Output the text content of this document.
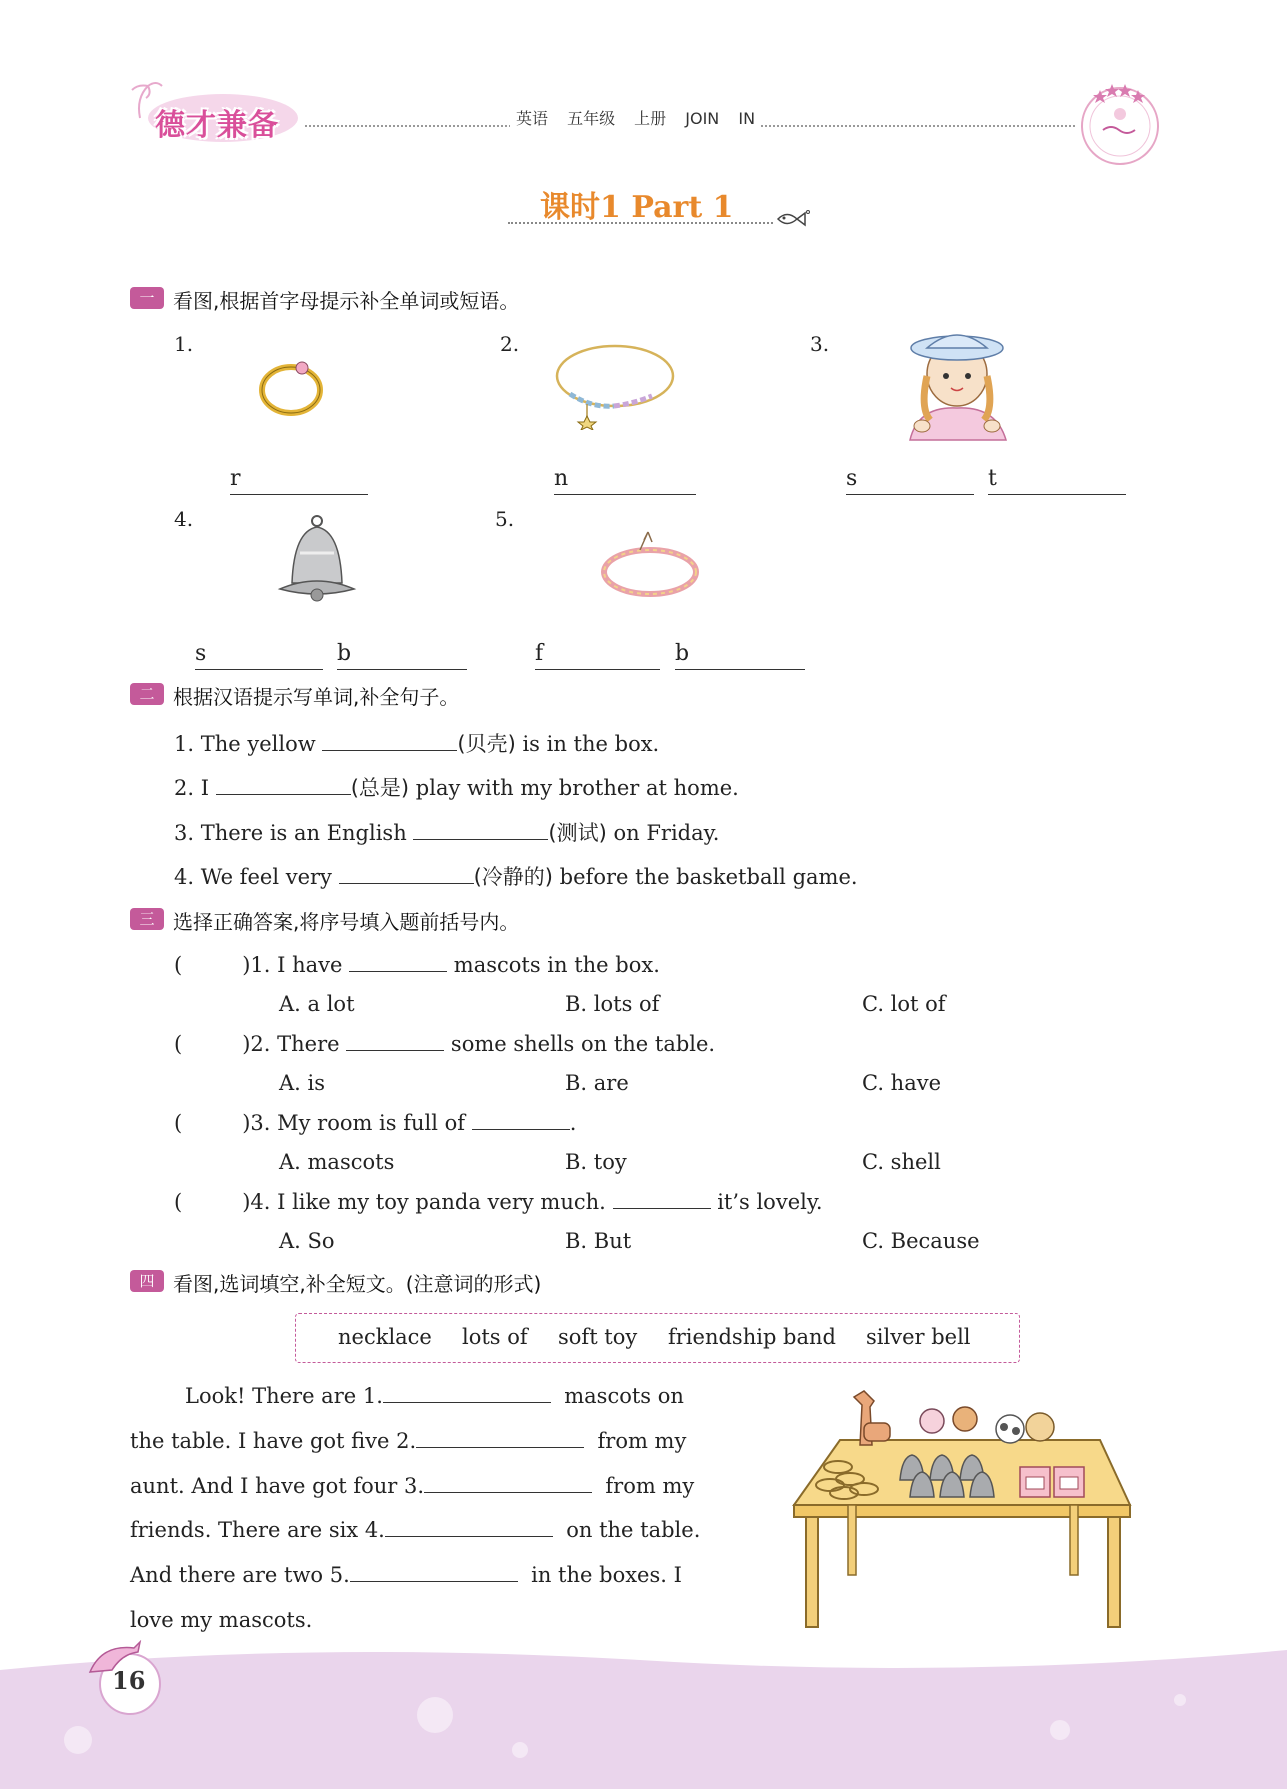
德才兼备	英语 五年级 上册 JOIN IN
课时1 Part 1
一 看图,根据首字母提示补全单词或短语。
1.
r
2.
n
3.
s	t
4.
s	b
5.
f	b
二 根据汉语提示写单词,补全句子。
1. The yellow	(贝壳) is in the box.
2. I	(总是) play with my brother at home.
3. There is an English	(测试) on Friday.
4. We feel very	(冷静的) before the basketball game.
三 选择正确答案,将序号填入题前括号内。
(	)1. I have	mascots in the box.
A. a lot	B. lots of	C. lot of
(	)2. There	some shells on the table.
A. is	B. are	C. have
(	)3. My room is full of	.
A. mascots	B. toy	C. shell
(	)4. I like my toy panda very much.	it’s lovely.
A. So	B. But	C. Because
四 看图,选词填空,补全短文。(注意词的形式)
necklace lots of soft toy friendship band silver bell
Look! There are 1.	mascots on
the table. I have got five 2.	from my
aunt. And I have got four 3.	from my
friends. There are six 4.	on the table.
And there are two 5.	in the boxes. I
love my mascots.
16
